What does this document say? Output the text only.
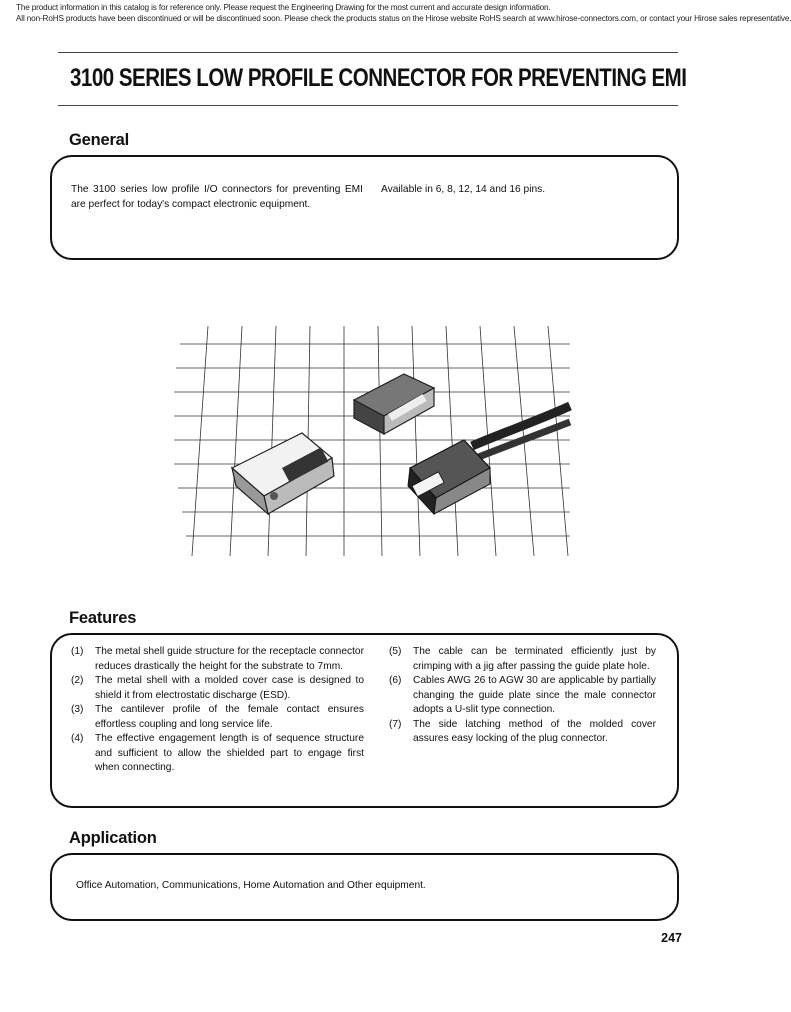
The product information in this catalog is for reference only. Please request the Engineering Drawing for the most current and accurate design information.
All non-RoHS products have been discontinued or will be discontinued soon. Please check the products status on the Hirose website RoHS search at www.hirose-connectors.com, or contact your Hirose sales representative.
3100 SERIES LOW PROFILE CONNECTOR FOR PREVENTING EMI
General
The 3100 series low profile I/O connectors for preventing EMI are perfect for today's compact electronic equipment.
Available in 6, 8, 12, 14 and 16 pins.
Features
(1)	The metal shell guide structure for the receptacle connector reduces drastically the height for the substrate to 7mm.
(2)	The metal shell with a molded cover case is designed to shield it from electrostatic discharge (ESD).
(3)	The cantilever profile of the female contact ensures effortless coupling and long service life.
(4)	The effective engagement length is of sequence structure and sufficient to allow the shielded part to engage first when connecting.
(5)	The cable can be terminated efficiently just by crimping with a jig after passing the guide plate hole.
(6)	Cables AWG 26 to AGW 30 are applicable by partially changing the guide plate since the male connector adopts a U-slit type connection.
(7)	The side latching method of the molded cover assures easy locking of the plug connector.
Application
Office Automation, Communications, Home Automation and Other equipment.
247
